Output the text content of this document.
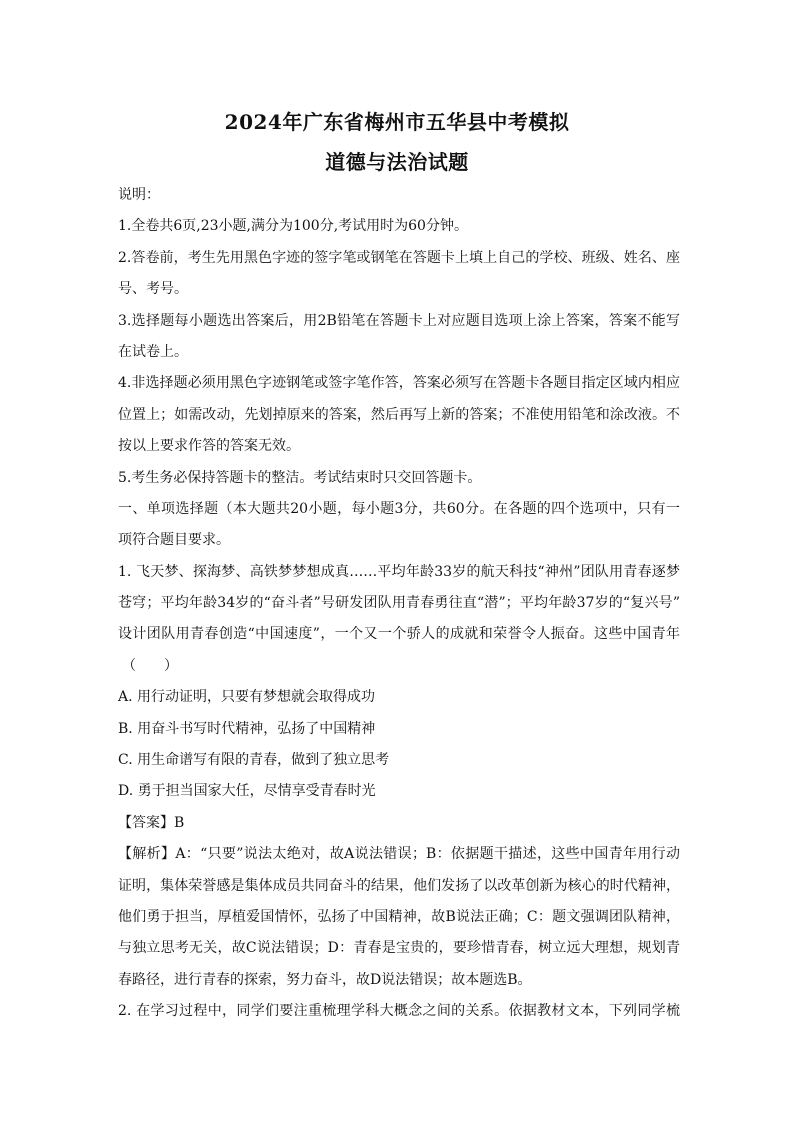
2024年广东省梅州市五华县中考模拟
道德与法治试题
说明：
1.全卷共6页,23小题,满分为100分,考试用时为60分钟。
2.答卷前，考生先用黑色字迹的签字笔或钢笔在答题卡上填上自己的学校、班级、姓名、座
号、考号。
3.选择题每小题选出答案后，用2B铅笔在答题卡上对应题目选项上涂上答案，答案不能写
在试卷上。
4.非选择题必须用黑色字迹钢笔或签字笔作答，答案必须写在答题卡各题目指定区域内相应
位置上；如需改动，先划掉原来的答案，然后再写上新的答案；不准使用铅笔和涂改液。不
按以上要求作答的答案无效。
5.考生务必保持答题卡的整洁。考试结束时只交回答题卡。
一、单项选择题（本大题共20小题，每小题3分，共60分。在各题的四个选项中，只有一
项符合题目要求。
1. 飞天梦、探海梦、高铁梦梦想成真……平均年龄33岁的航天科技“神州”团队用青春逐梦
苍穹；平均年龄34岁的“奋斗者”号研发团队用青春勇往直“潜”；平均年龄37岁的“复兴号”
设计团队用青春创造“中国速度”，一个又一个骄人的成就和荣誉令人振奋。这些中国青年
（　　）
A. 用行动证明，只要有梦想就会取得成功
B. 用奋斗书写时代精神，弘扬了中国精神
C. 用生命谱写有限的青春，做到了独立思考
D. 勇于担当国家大任，尽情享受青春时光
【答案】B
【解析】A：“只要”说法太绝对，故A说法错误；B：依据题干描述，这些中国青年用行动
证明，集体荣誉感是集体成员共同奋斗的结果，他们发扬了以改革创新为核心的时代精神，
他们勇于担当，厚植爱国情怀，弘扬了中国精神，故B说法正确；C：题文强调团队精神，
与独立思考无关，故C说法错误；D：青春是宝贵的，要珍惜青春，树立远大理想，规划青
春路径，进行青春的探索，努力奋斗，故D说法错误；故本题选B。
2. 在学习过程中，同学们要注重梳理学科大概念之间的关系。依据教材文本，下列同学梳
